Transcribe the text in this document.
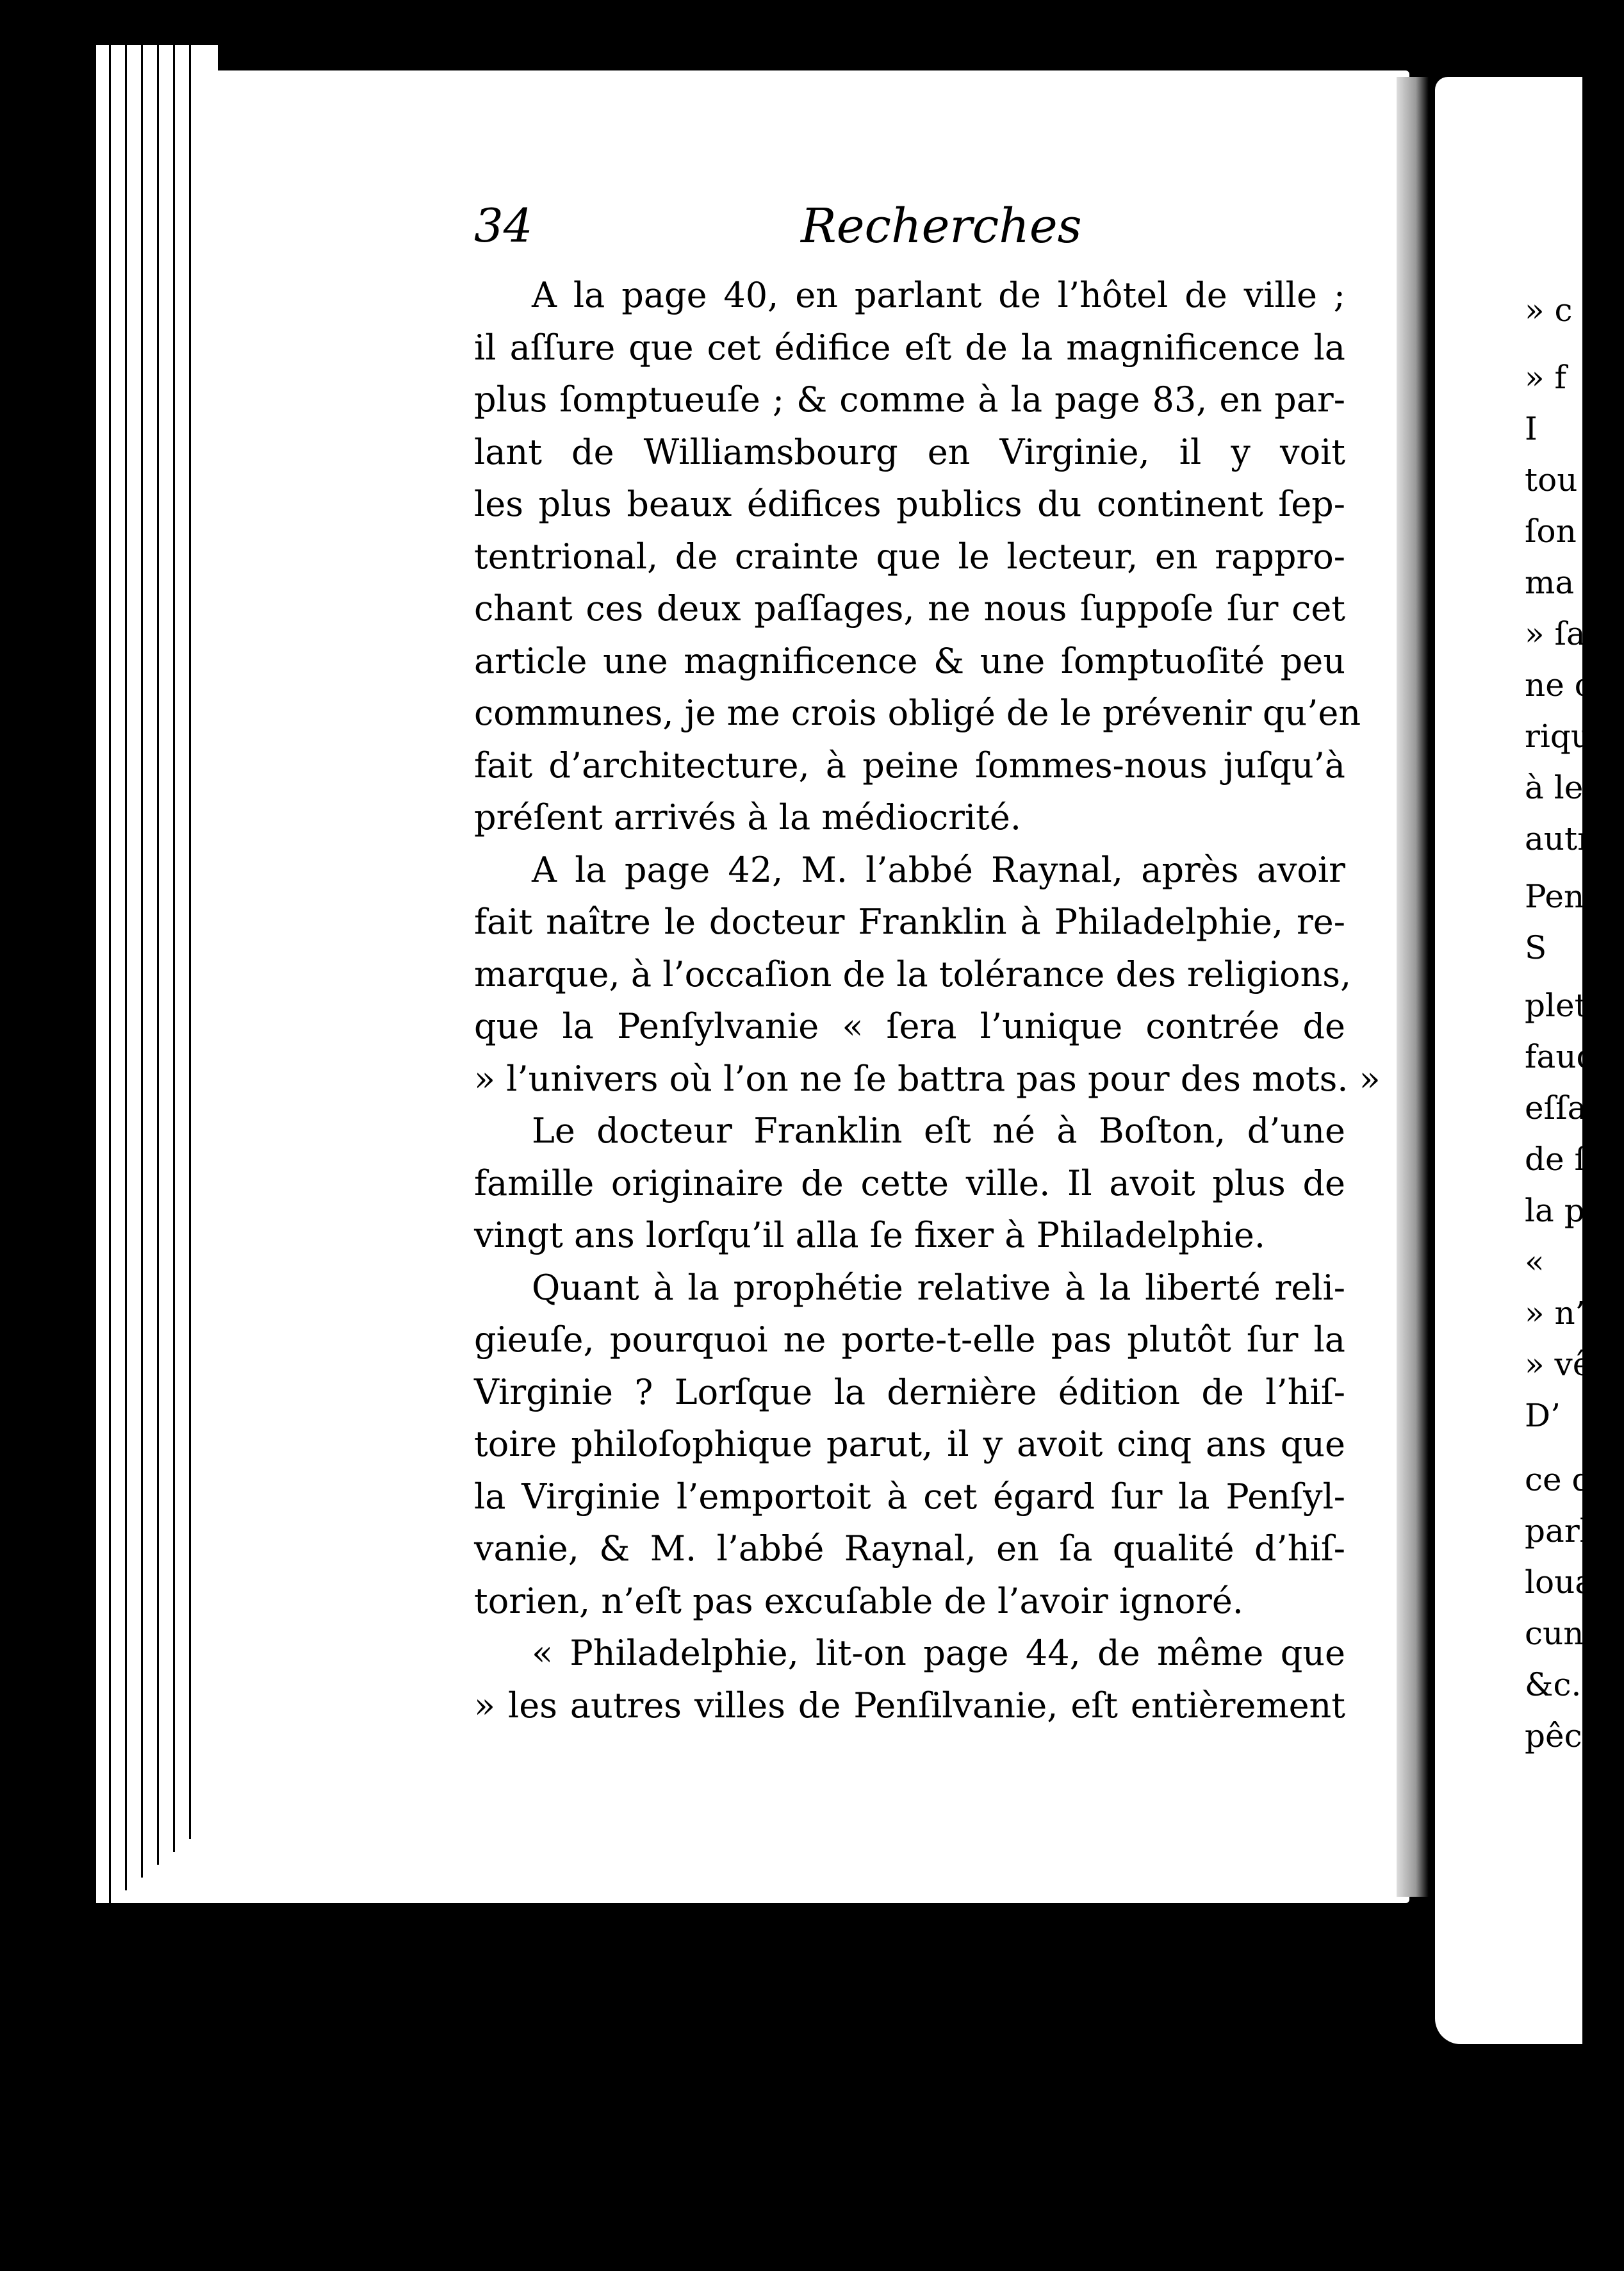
34	Recherches
A la page 40, en parlant de l’hôtel de ville ;
il aſſure que cet édifice eſt de la magnificence la
plus ſomptueuſe ; & comme à la page 83, en par-
lant de Williamsbourg en Virginie, il y voit
les plus beaux édifices publics du continent ſep-
tentrional, de crainte que le lecteur, en rappro-
chant ces deux paſſages, ne nous ſuppoſe ſur cet
article une magnificence & une ſomptuoſité peu
communes, je me crois obligé de le prévenir qu’en
fait d’architecture, à peine ſommes-nous juſqu’à
préſent arrivés à la médiocrité.
A la page 42, M. l’abbé Raynal, après avoir
fait naître le docteur Franklin à Philadelphie, re-
marque, à l’occaſion de la tolérance des religions,
que la Penſylvanie « ſera l’unique contrée de
» l’univers où l’on ne ſe battra pas pour des mots. »
Le docteur Franklin eſt né à Boſton, d’une
famille originaire de cette ville. Il avoit plus de
vingt ans lorſqu’il alla ſe fixer à Philadelphie.
Quant à la prophétie relative à la liberté reli-
gieuſe, pourquoi ne porte-t-elle pas plutôt ſur la
Virginie ? Lorſque la dernière édition de l’hiſ-
toire philoſophique parut, il y avoit cinq ans que
la Virginie l’emportoit à cet égard ſur la Penſyl-
vanie, & M. l’abbé Raynal, en ſa qualité d’hiſ-
torien, n’eſt pas excuſable de l’avoir ignoré.
« Philadelphie, lit-on page 44, de même que
» les autres villes de Penſilvanie, eſt entièrement
» c
» f
I
tou
ſon
ma
» ſa
ne c
riqu
à le
autr
Penſ
S
plett
faud
eſſai
de ſu
la pa
«
» n’e
» vê
D’
ce qu
parler
louab
cune
&c. C
pêche
